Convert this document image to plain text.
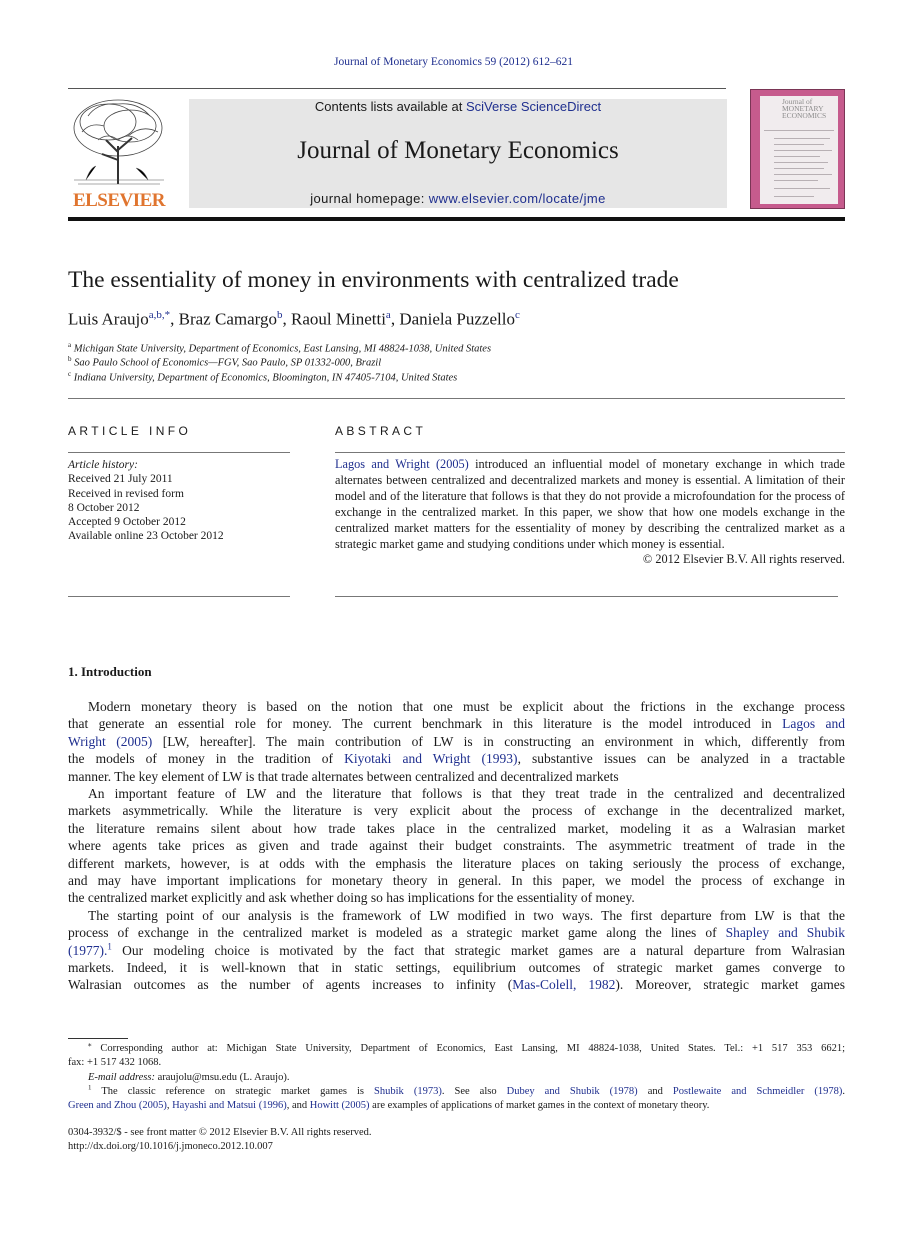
Journal of Monetary Economics 59 (2012) 612–621
ELSEVIER
Contents lists available at SciVerse ScienceDirect
Journal of Monetary Economics
journal homepage: www.elsevier.com/locate/jme
Journal of MONETARY ECONOMICS
The essentiality of money in environments with centralized trade
Luis Araujo$^{a,b,*}$, Braz Camargo$^b$, Raoul Minetti$^a$, Daniela Puzzello$^c$
$^a$ Michigan State University, Department of Economics, East Lansing, MI 48824-1038, United States
$^b$ Sao Paulo School of Economics—FGV, Sao Paulo, SP 01332-000, Brazil
$^c$ Indiana University, Department of Economics, Bloomington, IN 47405-7104, United States
ARTICLE INFO
Article history:
Received 21 July 2011
Received in revised form
8 October 2012
Accepted 9 October 2012
Available online 23 October 2012
ABSTRACT
Lagos and Wright (2005) introduced an influential model of monetary exchange in which trade alternates between centralized and decentralized markets and money is essential. A limitation of their model and of the literature that follows is that they do not provide a microfoundation for the process of exchange in the centralized market. In this paper, we show that how one models exchange in the centralized market matters for the essentiality of money by describing the centralized market as a strategic market game and studying conditions under which money is essential.
© 2012 Elsevier B.V. All rights reserved.
1. Introduction
Modern monetary theory is based on the notion that one must be explicit about the frictions in the exchange process
that generate an essential role for money. The current benchmark in this literature is the model introduced in Lagos and
Wright (2005) [LW, hereafter]. The main contribution of LW is in constructing an environment in which, differently from
the models of money in the tradition of Kiyotaki and Wright (1993), substantive issues can be analyzed in a tractable
manner. The key element of LW is that trade alternates between centralized and decentralized markets
An important feature of LW and the literature that follows is that they treat trade in the centralized and decentralized
markets asymmetrically. While the literature is very explicit about the process of exchange in the decentralized market,
the literature remains silent about how trade takes place in the centralized market, modeling it as a Walrasian market
where agents take prices as given and trade against their budget constraints. The asymmetric treatment of trade in the
different markets, however, is at odds with the emphasis the literature places on taking seriously the process of exchange,
and may have important implications for monetary theory in general. In this paper, we model the process of exchange in
the centralized market explicitly and ask whether doing so has implications for the essentiality of money.
The starting point of our analysis is the framework of LW modified in two ways. The first departure from LW is that the
process of exchange in the centralized market is modeled as a strategic market game along the lines of Shapley and Shubik
(1977).$^1$ Our modeling choice is motivated by the fact that strategic market games are a natural departure from Walrasian
markets. Indeed, it is well-known that in static settings, equilibrium outcomes of strategic market games converge to
Walrasian outcomes as the number of agents increases to infinity (Mas-Colell, 1982). Moreover, strategic market games
⁎ Corresponding author at: Michigan State University, Department of Economics, East Lansing, MI 48824-1038, United States. Tel.: +1 517 353 6621;
fax: +1 517 432 1068.
E-mail address: araujolu@msu.edu (L. Araujo).
$^1$ The classic reference on strategic market games is Shubik (1973). See also Dubey and Shubik (1978) and Postlewaite and Schmeidler (1978).
Green and Zhou (2005), Hayashi and Matsui (1996), and Howitt (2005) are examples of applications of market games in the context of monetary theory.
0304-3932/$ - see front matter © 2012 Elsevier B.V. All rights reserved.
http://dx.doi.org/10.1016/j.jmoneco.2012.10.007
